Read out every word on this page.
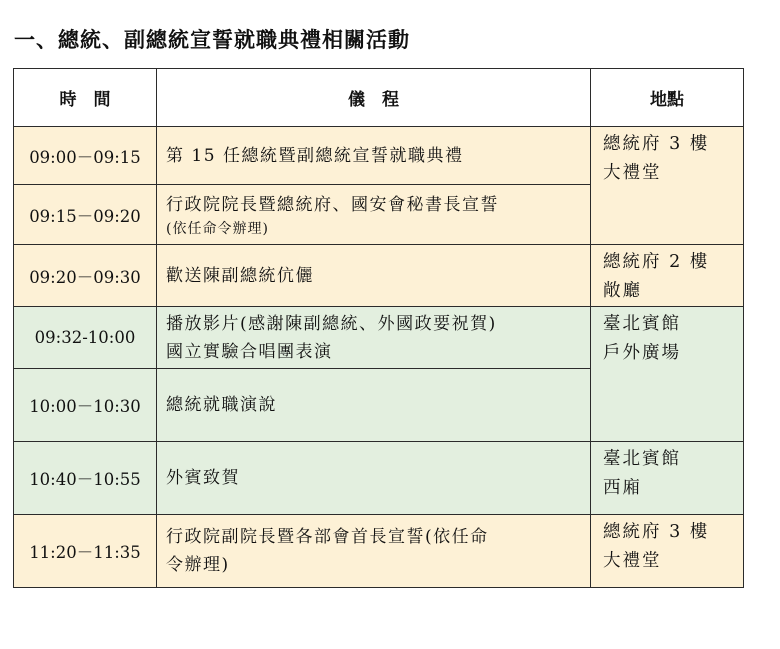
一、總統、副總統宣誓就職典禮相關活動
時　間	儀　程	地點
09:00－09:15	第 15 任總統暨副總統宣誓就職典禮	總統府 3 樓
大禮堂

09:15－09:20	行政院院長暨總統府、國安會秘書長宣誓
(依任命令辦理)	

09:20－09:30	歡送陳副總統伉儷	總統府 2 樓
敞廳

09:32-10:00	播放影片(感謝陳副總統、外國政要祝賀)
國立實驗合唱團表演	臺北賓館
戶外廣場

10:00－10:30	總統就職演說	
10:40－10:55	外賓致賀	臺北賓館
西廂

11:20－11:35	行政院副院長暨各部會首長宣誓(依任命
令辦理)	總統府 3 樓
大禮堂
